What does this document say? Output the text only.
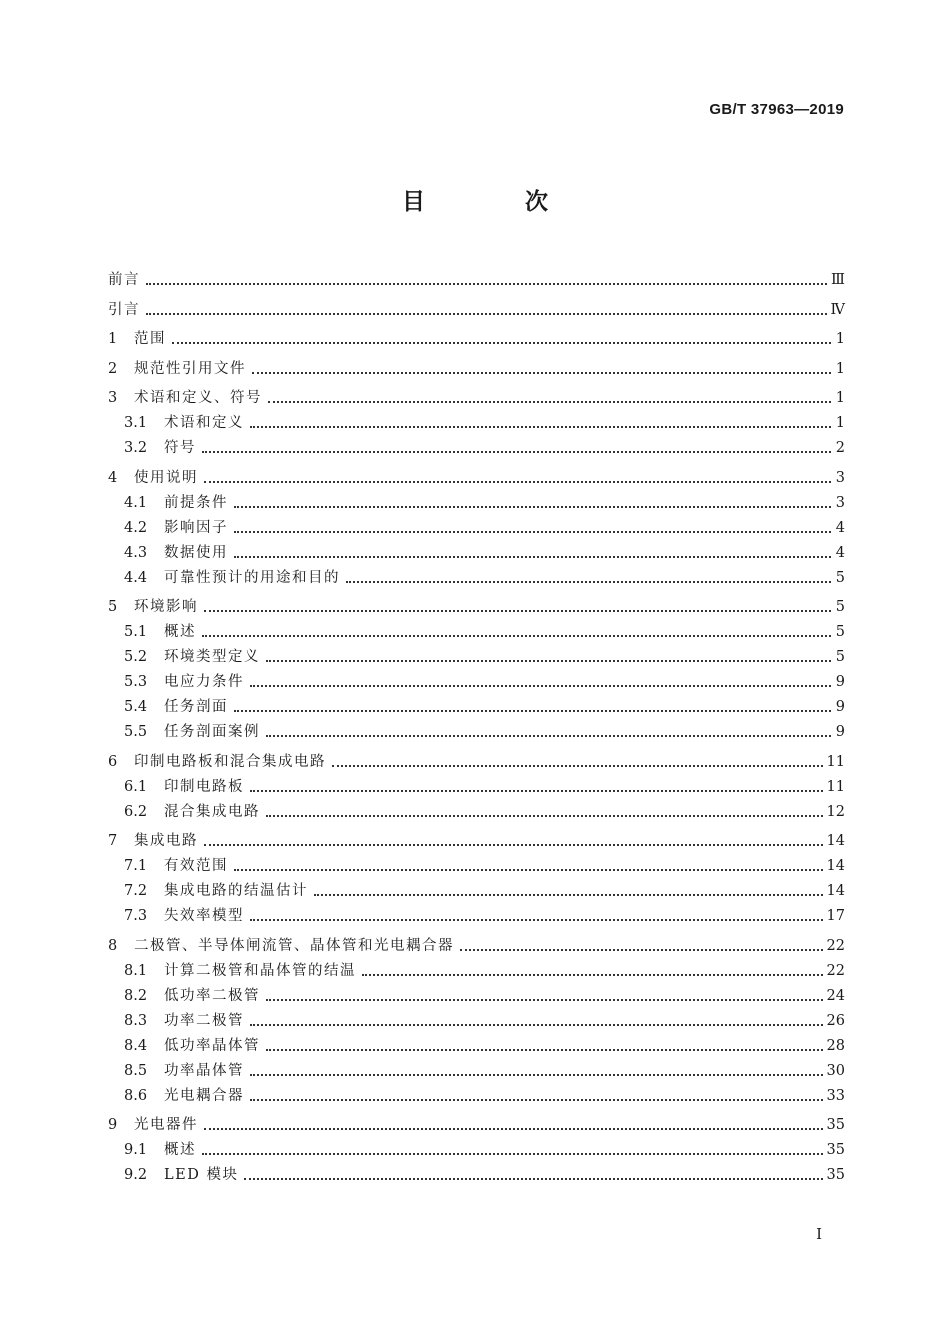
GB/T 37963—2019
目 次
前言	Ⅲ
引言	Ⅳ
1	范围	1
2	规范性引用文件	1
3	术语和定义、符号	1
3.1	术语和定义	1
3.2	符号	2
4	使用说明	3
4.1	前提条件	3
4.2	影响因子	4
4.3	数据使用	4
4.4	可靠性预计的用途和目的	5
5	环境影响	5
5.1	概述	5
5.2	环境类型定义	5
5.3	电应力条件	9
5.4	任务剖面	9
5.5	任务剖面案例	9
6	印制电路板和混合集成电路	11
6.1	印制电路板	11
6.2	混合集成电路	12
7	集成电路	14
7.1	有效范围	14
7.2	集成电路的结温估计	14
7.3	失效率模型	17
8	二极管、半导体闸流管、晶体管和光电耦合器	22
8.1	计算二极管和晶体管的结温	22
8.2	低功率二极管	24
8.3	功率二极管	26
8.4	低功率晶体管	28
8.5	功率晶体管	30
8.6	光电耦合器	33
9	光电器件	35
9.1	概述	35
9.2	LED 模块	35
I
